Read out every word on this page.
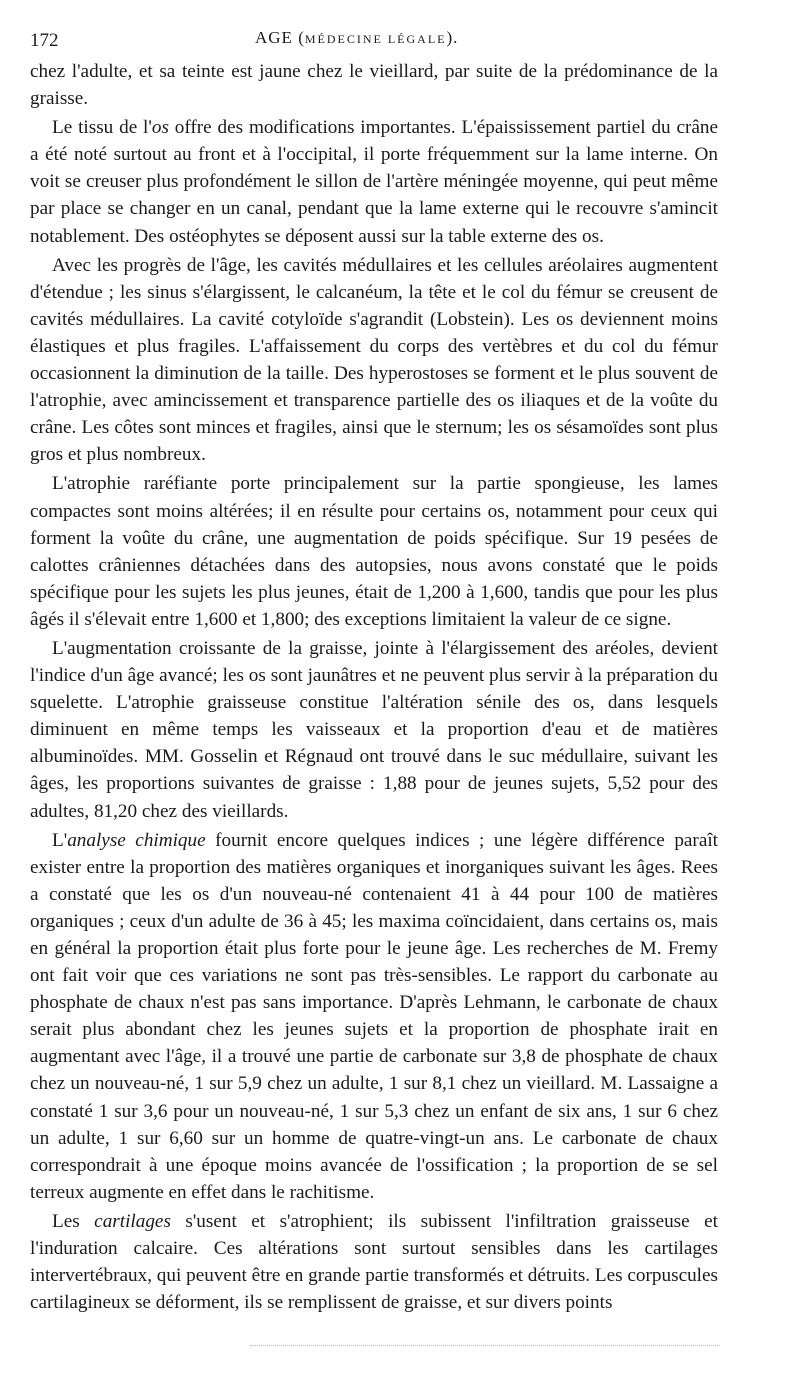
172	AGE (MÉDECINE LÉGALE).

chez l'adulte, et sa teinte est jaune chez le vieillard, par suite de la prédominance de la graisse.

Le tissu de l'os offre des modifications importantes. L'épaississement partiel du crâne a été noté surtout au front et à l'occipital, il porte fréquemment sur la lame interne. On voit se creuser plus profondément le sillon de l'artère méningée moyenne, qui peut même par place se changer en un canal, pendant que la lame externe qui le recouvre s'amincit notablement. Des ostéophytes se déposent aussi sur la table externe des os.

Avec les progrès de l'âge, les cavités médullaires et les cellules aréolaires augmentent d'étendue ; les sinus s'élargissent, le calcanéum, la tête et le col du fémur se creusent de cavités médullaires. La cavité cotyloïde s'agrandit (Lobstein). Les os deviennent moins élastiques et plus fragiles. L'affaissement du corps des vertèbres et du col du fémur occasionnent la diminution de la taille. Des hyperostoses se forment et le plus souvent de l'atrophie, avec amincissement et transparence partielle des os iliaques et de la voûte du crâne. Les côtes sont minces et fragiles, ainsi que le sternum; les os sésamoïdes sont plus gros et plus nombreux.

L'atrophie raréfiante porte principalement sur la partie spongieuse, les lames compactes sont moins altérées; il en résulte pour certains os, notamment pour ceux qui forment la voûte du crâne, une augmentation de poids spécifique. Sur 19 pesées de calottes crâniennes détachées dans des autopsies, nous avons constaté que le poids spécifique pour les sujets les plus jeunes, était de 1,200 à 1,600, tandis que pour les plus âgés il s'élevait entre 1,600 et 1,800; des exceptions limitaient la valeur de ce signe.

L'augmentation croissante de la graisse, jointe à l'élargissement des aréoles, devient l'indice d'un âge avancé; les os sont jaunâtres et ne peuvent plus servir à la préparation du squelette. L'atrophie graisseuse constitue l'altération sénile des os, dans lesquels diminuent en même temps les vaisseaux et la proportion d'eau et de matières albuminoïdes. MM. Gosselin et Régnaud ont trouvé dans le suc médullaire, suivant les âges, les proportions suivantes de graisse : 1,88 pour de jeunes sujets, 5,52 pour des adultes, 81,20 chez des vieillards.

L'analyse chimique fournit encore quelques indices ; une légère différence paraît exister entre la proportion des matières organiques et inorganiques suivant les âges. Rees a constaté que les os d'un nouveau-né contenaient 41 à 44 pour 100 de matières organiques ; ceux d'un adulte de 36 à 45; les maxima coïncidaient, dans certains os, mais en général la proportion était plus forte pour le jeune âge. Les recherches de M. Fremy ont fait voir que ces variations ne sont pas très-sensibles. Le rapport du carbonate au phosphate de chaux n'est pas sans importance. D'après Lehmann, le carbonate de chaux serait plus abondant chez les jeunes sujets et la proportion de phosphate irait en augmentant avec l'âge, il a trouvé une partie de carbonate sur 3,8 de phosphate de chaux chez un nouveau-né, 1 sur 5,9 chez un adulte, 1 sur 8,1 chez un vieillard. M. Lassaigne a constaté 1 sur 3,6 pour un nouveau-né, 1 sur 5,3 chez un enfant de six ans, 1 sur 6 chez un adulte, 1 sur 6,60 sur un homme de quatre-vingt-un ans. Le carbonate de chaux correspondrait à une époque moins avancée de l'ossification ; la proportion de se sel terreux augmente en effet dans le rachitisme.

Les cartilages s'usent et s'atrophient; ils subissent l'infiltration graisseuse et l'induration calcaire. Ces altérations sont surtout sensibles dans les cartilages intervertébraux, qui peuvent être en grande partie transformés et détruits. Les corpuscules cartilagineux se déforment, ils se remplissent de graisse, et sur divers points
